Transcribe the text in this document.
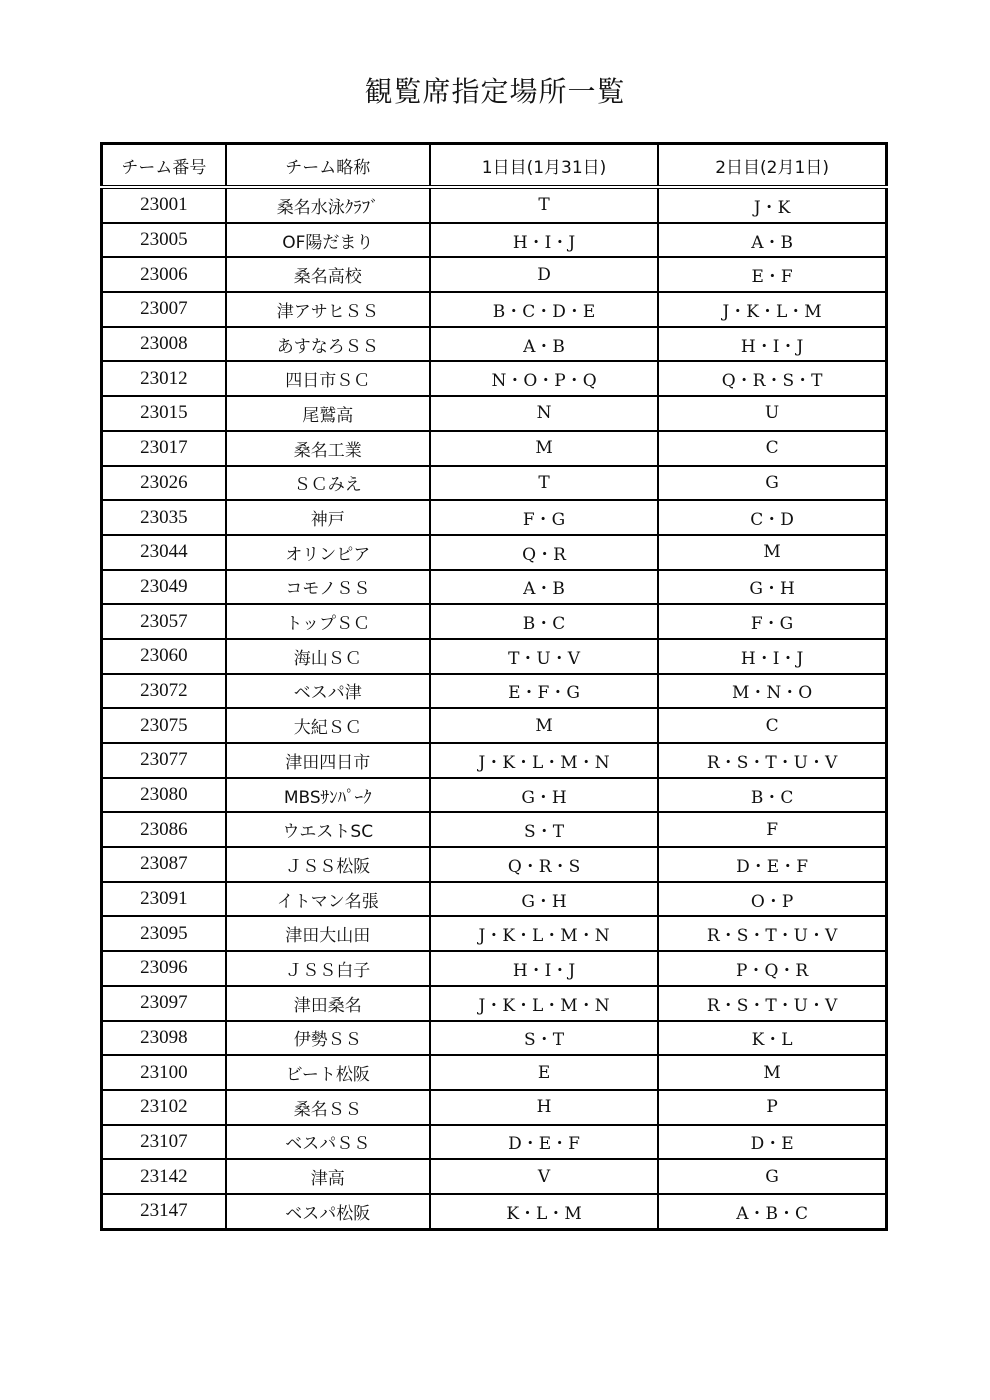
観覧席指定場所一覧
チーム番号	チーム略称	1日目(1月31日)	2日目(2月1日)
23001	桑名水泳ｸﾗﾌﾞ	T	J・K
23005	OF陽だまり	H・I・J	A・B
23006	桑名高校	D	E・F
23007	津アサヒＳＳ	B・C・D・E	J・K・L・M
23008	あすなろＳＳ	A・B	H・I・J
23012	四日市ＳＣ	N・O・P・Q	Q・R・S・T
23015	尾鷲高	N	U
23017	桑名工業	M	C
23026	ＳＣみえ	T	G
23035	神戸	F・G	C・D
23044	オリンピア	Q・R	M
23049	コモノＳＳ	A・B	G・H
23057	トップＳＣ	B・C	F・G
23060	海山ＳＣ	T・U・V	H・I・J
23072	ベスパ津	E・F・G	M・N・O
23075	大紀ＳＣ	M	C
23077	津田四日市	J・K・L・M・N	R・S・T・U・V
23080	MBSｻﾝﾊﾟｰｸ	G・H	B・C
23086	ウエストSC	S・T	F
23087	ＪＳＳ松阪	Q・R・S	D・E・F
23091	イトマン名張	G・H	O・P
23095	津田大山田	J・K・L・M・N	R・S・T・U・V
23096	ＪＳＳ白子	H・I・J	P・Q・R
23097	津田桑名	J・K・L・M・N	R・S・T・U・V
23098	伊勢ＳＳ	S・T	K・L
23100	ビート松阪	E	M
23102	桑名ＳＳ	H	P
23107	ベスパＳＳ	D・E・F	D・E
23142	津高	V	G
23147	ベスパ松阪	K・L・M	A・B・C
